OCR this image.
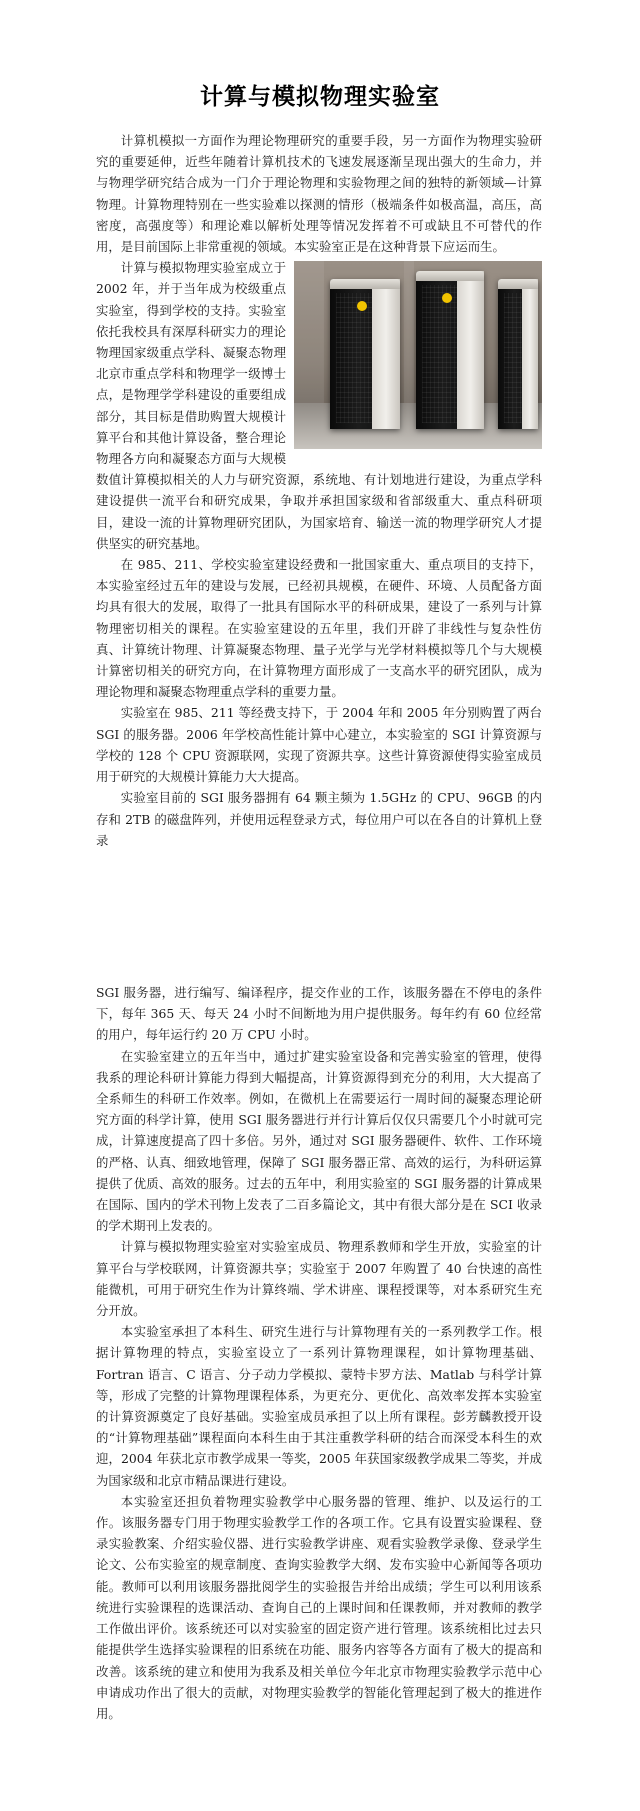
计算与模拟物理实验室

计算机模拟一方面作为理论物理研究的重要手段，另一方面作为物理实验研究的重要延伸，近些年随着计算机技术的飞速发展逐渐呈现出强大的生命力，并与物理学研究结合成为一门介于理论物理和实验物理之间的独特的新领域—计算物理。计算物理特别在一些实验难以探测的情形（极端条件如极高温，高压，高密度，高强度等）和理论难以解析处理等情况发挥着不可或缺且不可替代的作用，是目前国际上非常重视的领域。本实验室正是在这种背景下应运而生。

计算与模拟物理实验室成立于 2002 年，并于当年成为校级重点实验室，得到学校的支持。实验室依托我校具有深厚科研实力的理论物理国家级重点学科、凝聚态物理北京市重点学科和物理学一级博士点，是物理学学科建设的重要组成部分，其目标是借助购置大规模计算平台和其他计算设备，整合理论物理各方向和凝聚态方面与大规模数值计算模拟相关的人力与研究资源，系统地、有计划地进行建设，为重点学科建设提供一流平台和研究成果，争取并承担国家级和省部级重大、重点科研项目，建设一流的计算物理研究团队，为国家培育、输送一流的物理学研究人才提供坚实的研究基地。

在 985、211、学校实验室建设经费和一批国家重大、重点项目的支持下，本实验室经过五年的建设与发展，已经初具规模，在硬件、环境、人员配备方面均具有很大的发展，取得了一批具有国际水平的科研成果，建设了一系列与计算物理密切相关的课程。在实验室建设的五年里，我们开辟了非线性与复杂性仿真、计算统计物理、计算凝聚态物理、量子光学与光学材料模拟等几个与大规模计算密切相关的研究方向，在计算物理方面形成了一支高水平的研究团队，成为理论物理和凝聚态物理重点学科的重要力量。

实验室在 985、211 等经费支持下，于 2004 年和 2005 年分别购置了两台 SGI 的服务器。2006 年学校高性能计算中心建立，本实验室的 SGI 计算资源与学校的 128 个 CPU 资源联网，实现了资源共享。这些计算资源使得实验室成员用于研究的大规模计算能力大大提高。

实验室目前的 SGI 服务器拥有 64 颗主频为 1.5GHz 的 CPU、96GB 的内存和 2TB 的磁盘阵列，并使用远程登录方式，每位用户可以在各自的计算机上登录

SGI 服务器，进行编写、编译程序，提交作业的工作，该服务器在不停电的条件下，每年 365 天、每天 24 小时不间断地为用户提供服务。每年约有 60 位经常的用户，每年运行约 20 万 CPU 小时。

在实验室建立的五年当中，通过扩建实验室设备和完善实验室的管理，使得我系的理论科研计算能力得到大幅提高，计算资源得到充分的利用，大大提高了全系师生的科研工作效率。例如，在微机上在需要运行一周时间的凝聚态理论研究方面的科学计算，使用 SGI 服务器进行并行计算后仅仅只需要几个小时就可完成，计算速度提高了四十多倍。另外，通过对 SGI 服务器硬件、软件、工作环境的严格、认真、细致地管理，保障了 SGI 服务器正常、高效的运行，为科研运算提供了优质、高效的服务。过去的五年中，利用实验室的 SGI 服务器的计算成果在国际、国内的学术刊物上发表了二百多篇论文，其中有很大部分是在 SCI 收录的学术期刊上发表的。

计算与模拟物理实验室对实验室成员、物理系教师和学生开放，实验室的计算平台与学校联网，计算资源共享；实验室于 2007 年购置了 40 台快速的高性能微机，可用于研究生作为计算终端、学术讲座、课程授课等，对本系研究生充分开放。

本实验室承担了本科生、研究生进行与计算物理有关的一系列教学工作。根据计算物理的特点，实验室设立了一系列计算物理课程，如计算物理基础、Fortran 语言、C 语言、分子动力学模拟、蒙特卡罗方法、Matlab 与科学计算等，形成了完整的计算物理课程体系，为更充分、更优化、高效率发挥本实验室的计算资源奠定了良好基础。实验室成员承担了以上所有课程。彭芳麟教授开设的“计算物理基础”课程面向本科生由于其注重教学科研的结合而深受本科生的欢迎，2004 年获北京市教学成果一等奖，2005 年获国家级教学成果二等奖，并成为国家级和北京市精品课进行建设。

本实验室还担负着物理实验教学中心服务器的管理、维护、以及运行的工作。该服务器专门用于物理实验教学工作的各项工作。它具有设置实验课程、登录实验教案、介绍实验仪器、进行实验教学讲座、观看实验教学录像、登录学生论文、公布实验室的规章制度、查询实验教学大纲、发布实验中心新闻等各项功能。教师可以利用该服务器批阅学生的实验报告并给出成绩；学生可以利用该系统进行实验课程的选课活动、查询自己的上课时间和任课教师，并对教师的教学工作做出评价。该系统还可以对实验室的固定资产进行管理。该系统相比过去只能提供学生选择实验课程的旧系统在功能、服务内容等各方面有了极大的提高和改善。该系统的建立和使用为我系及相关单位今年北京市物理实验教学示范中心申请成功作出了很大的贡献，对物理实验教学的智能化管理起到了极大的推进作用。
